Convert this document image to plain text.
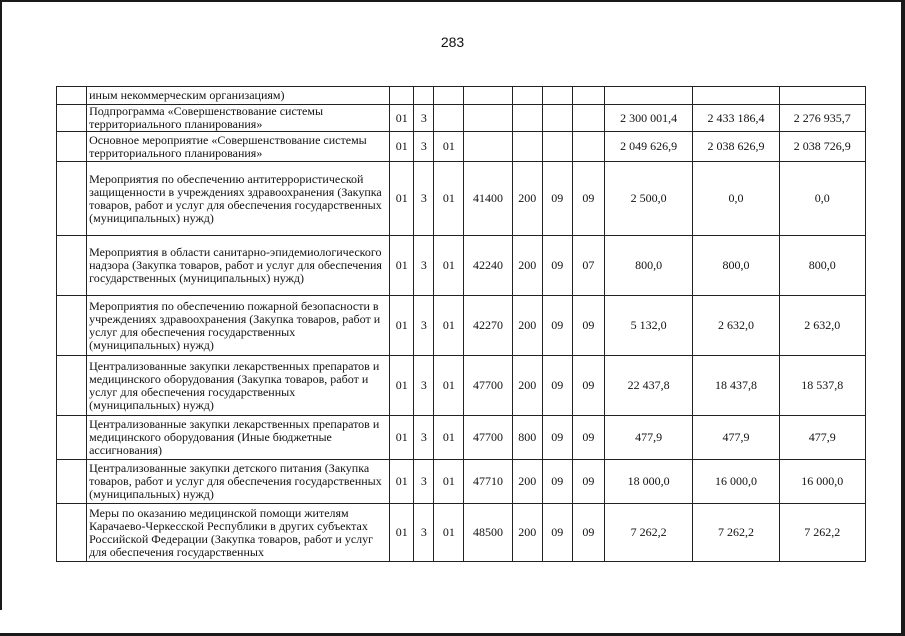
283
	иным некоммерческим организациям)										
	Подпрограмма «Совершенствование системы территориального планирования»	01	3						2 300 001,4	2 433 186,4	2 276 935,7
	Основное мероприятие «Совершенствование системы территориального планирования»	01	3	01					2 049 626,9	2 038 626,9	2 038 726,9
	Мероприятия по обеспечению антитеррористической защищенности в учреждениях здравоохранения (Закупка товаров, работ и услуг для обеспечения государственных (муниципальных) нужд)	01	3	01	41400	200	09	09	2 500,0	0,0	0,0
	Мероприятия в области санитарно-эпидемиологического надзора (Закупка товаров, работ и услуг для обеспечения государственных (муниципальных) нужд)	01	3	01	42240	200	09	07	800,0	800,0	800,0
	Мероприятия по обеспечению пожарной безопасности в учреждениях здравоохранения (Закупка товаров, работ и услуг для обеспечения государственных (муниципальных) нужд)	01	3	01	42270	200	09	09	5 132,0	2 632,0	2 632,0
	Централизованные закупки лекарственных препаратов и медицинского оборудования (Закупка товаров, работ и услуг для обеспечения государственных (муниципальных) нужд)	01	3	01	47700	200	09	09	22 437,8	18 437,8	18 537,8
	Централизованные закупки лекарственных препаратов и медицинского оборудования (Иные бюджетные ассигнования)	01	3	01	47700	800	09	09	477,9	477,9	477,9
	Централизованные закупки детского питания (Закупка товаров, работ и услуг для обеспечения государственных (муниципальных) нужд)	01	3	01	47710	200	09	09	18 000,0	16 000,0	16 000,0
	Меры по оказанию медицинской помощи жителям Карачаево-Черкесской Республики в других субъектах Российской Федерации (Закупка товаров, работ и услуг для обеспечения государственных	01	3	01	48500	200	09	09	7 262,2	7 262,2	7 262,2
